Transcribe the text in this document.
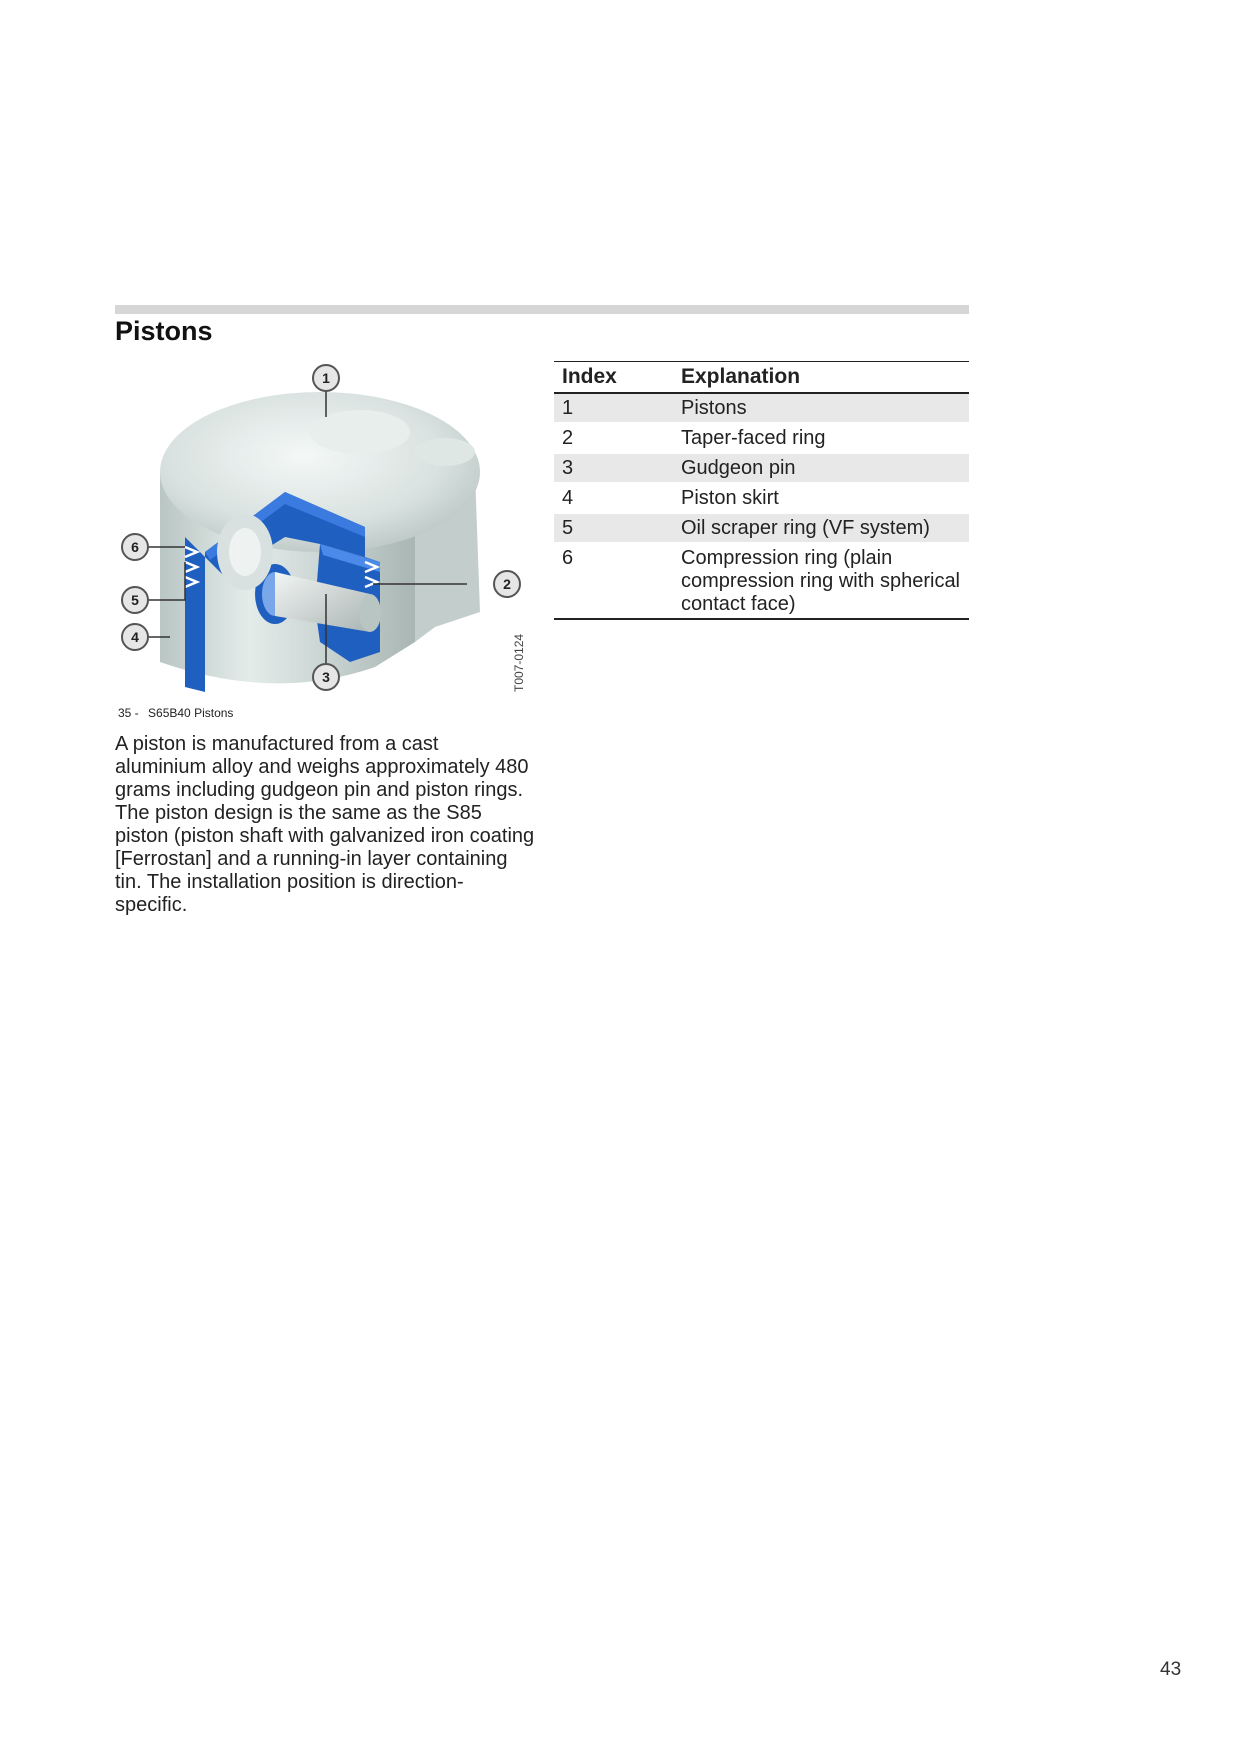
Pistons
1
2
3
4
5
6
T007-0124
35 - S65B40 Pistons

A piston is manufactured from a cast aluminium alloy and weighs approximately 480 grams including gudgeon pin and piston rings. The piston design is the same as the S85 piston (piston shaft with galvanized iron coating [Ferrostan] and a running-in layer containing tin. The installation position is direction-specific.

Index	Explanation
1	Pistons
2	Taper-faced ring
3	Gudgeon pin
4	Piston skirt
5	Oil scraper ring (VF system)
6	Compression ring (plain compression ring with spherical contact face)
43
